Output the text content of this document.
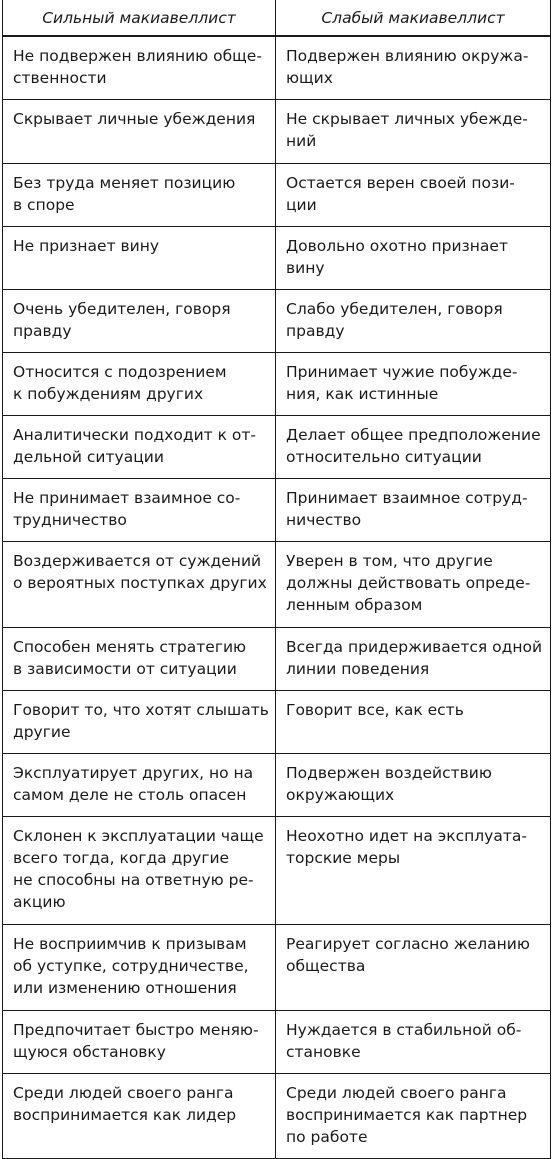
Сильный макиавеллист	Слабый макиавеллист

Не подвержен влиянию обще-
ственности	Подвержен влиянию окружа-
ющих

Скрывает личные убеждения	Не скрывает личных убежде-
ний

Без труда меняет позицию
в споре	Остается верен своей пози-
ции

Не признает вину	Довольно охотно признает
вину

Очень убедителен, говоря
правду	Слабо убедителен, говоря
правду

Относится с подозрением
к побуждениям других	Принимает чужие побужде-
ния, как истинные

Аналитически подходит к от-
дельной ситуации	Делает общее предположение
относительно ситуации

Не принимает взаимное со-
трудничество	Принимает взаимное сотруд-
ничество

Воздерживается от суждений
о вероятных поступках других	Уверен в том, что другие
должны действовать опреде-
ленным образом

Способен менять стратегию
в зависимости от ситуации	Всегда придерживается одной
линии поведения

Говорит то, что хотят слышать
другие	Говорит все, как есть

Эксплуатирует других, но на
самом деле не столь опасен	Подвержен воздействию
окружающих

Склонен к эксплуатации чаще
всего тогда, когда другие
не способны на ответную ре-
акцию	Неохотно идет на эксплуата-
торские меры

Не восприимчив к призывам
об уступке, сотрудничестве,
или изменению отношения	Реагирует согласно желанию
общества

Предпочитает быстро меняю-
щуюся обстановку	Нуждается в стабильной об-
становке

Среди людей своего ранга
воспринимается как лидер	Среди людей своего ранга
воспринимается как партнер
по работе
